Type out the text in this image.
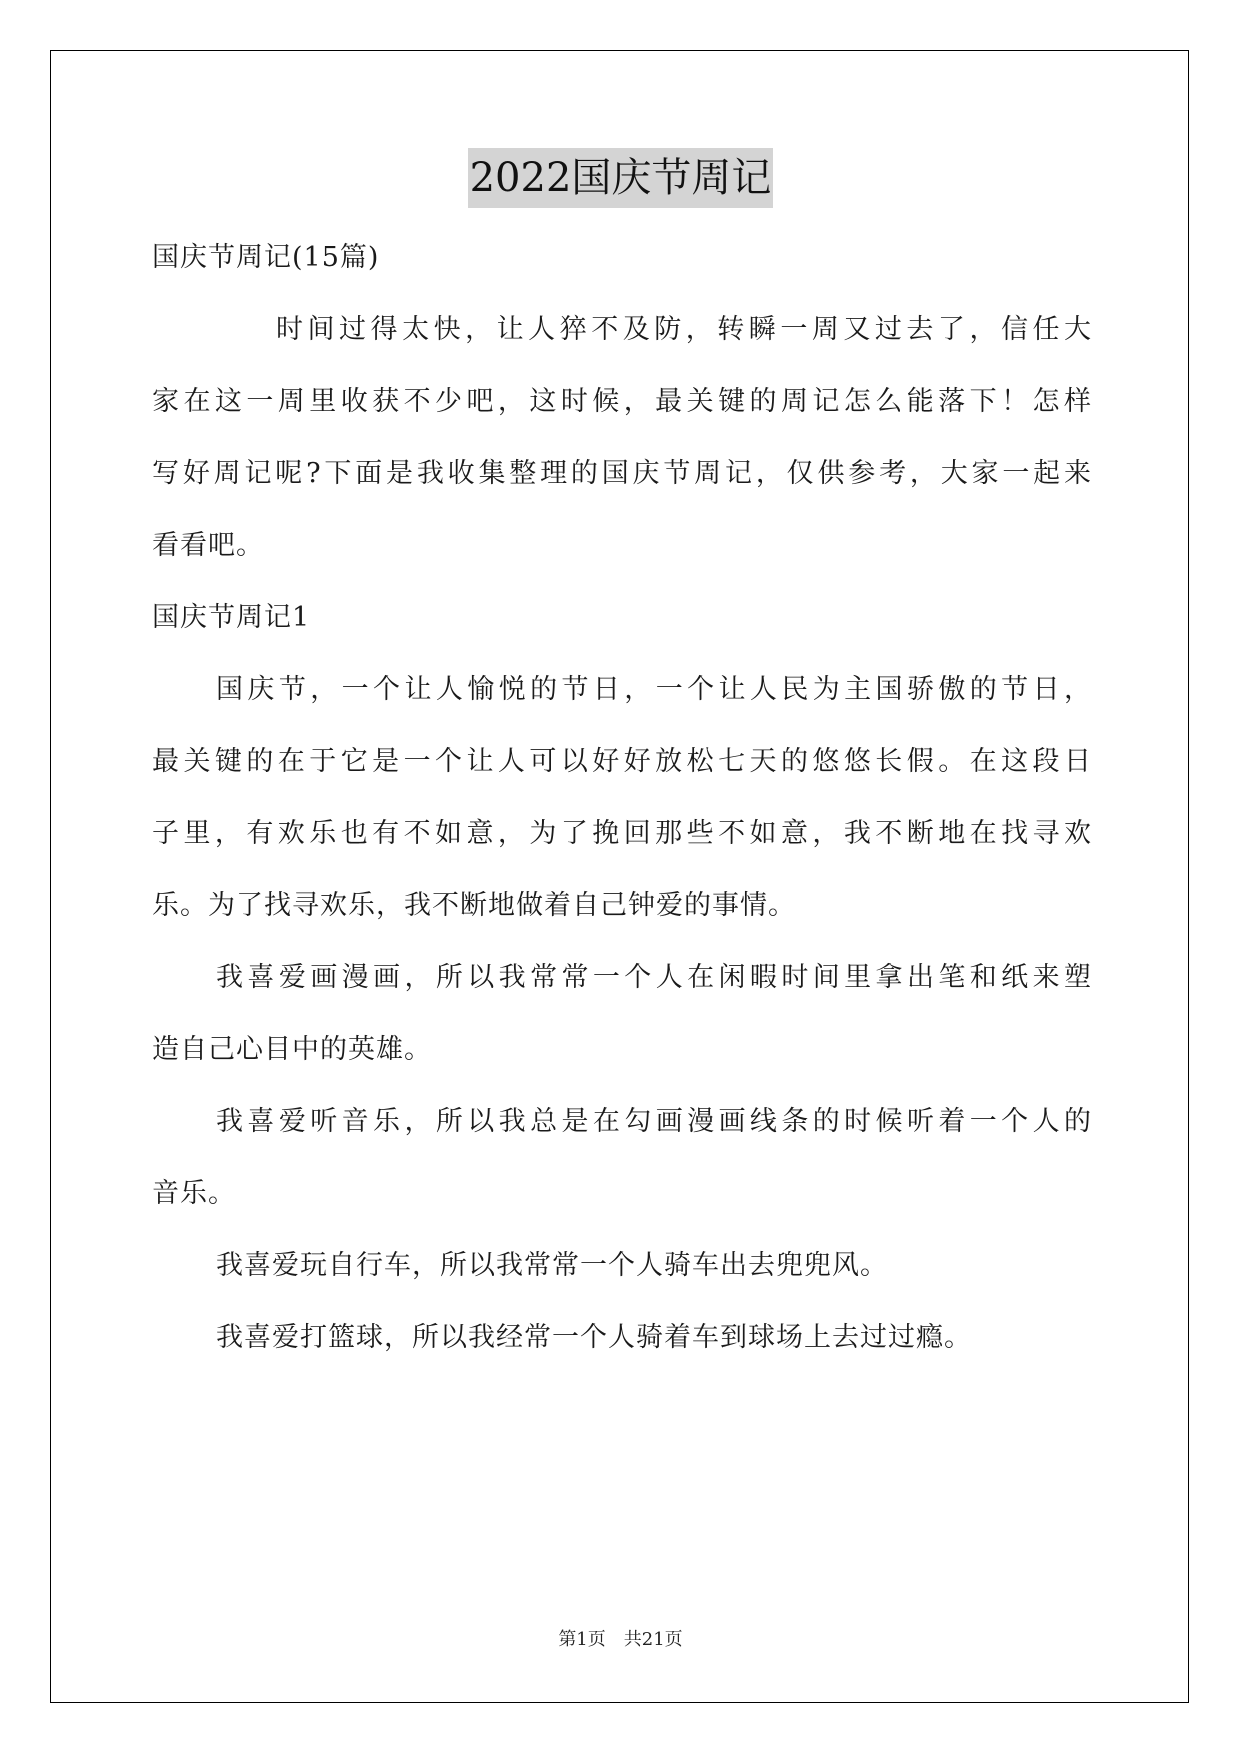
2022国庆节周记
国庆节周记(15篇)
时间过得太快，让人猝不及防，转瞬一周又过去了，信任大
家在这一周里收获不少吧，这时候，最关键的周记怎么能落下！怎样
写好周记呢?下面是我收集整理的国庆节周记，仅供参考，大家一起来
看看吧。
国庆节周记1
国庆节，一个让人愉悦的节日，一个让人民为主国骄傲的节日，
最关键的在于它是一个让人可以好好放松七天的悠悠长假。在这段日
子里，有欢乐也有不如意，为了挽回那些不如意，我不断地在找寻欢
乐。为了找寻欢乐，我不断地做着自己钟爱的事情。
我喜爱画漫画，所以我常常一个人在闲暇时间里拿出笔和纸来塑
造自己心目中的英雄。
我喜爱听音乐，所以我总是在勾画漫画线条的时候听着一个人的
音乐。
我喜爱玩自行车，所以我常常一个人骑车出去兜兜风。
我喜爱打篮球，所以我经常一个人骑着车到球场上去过过瘾。
第1页　共21页
